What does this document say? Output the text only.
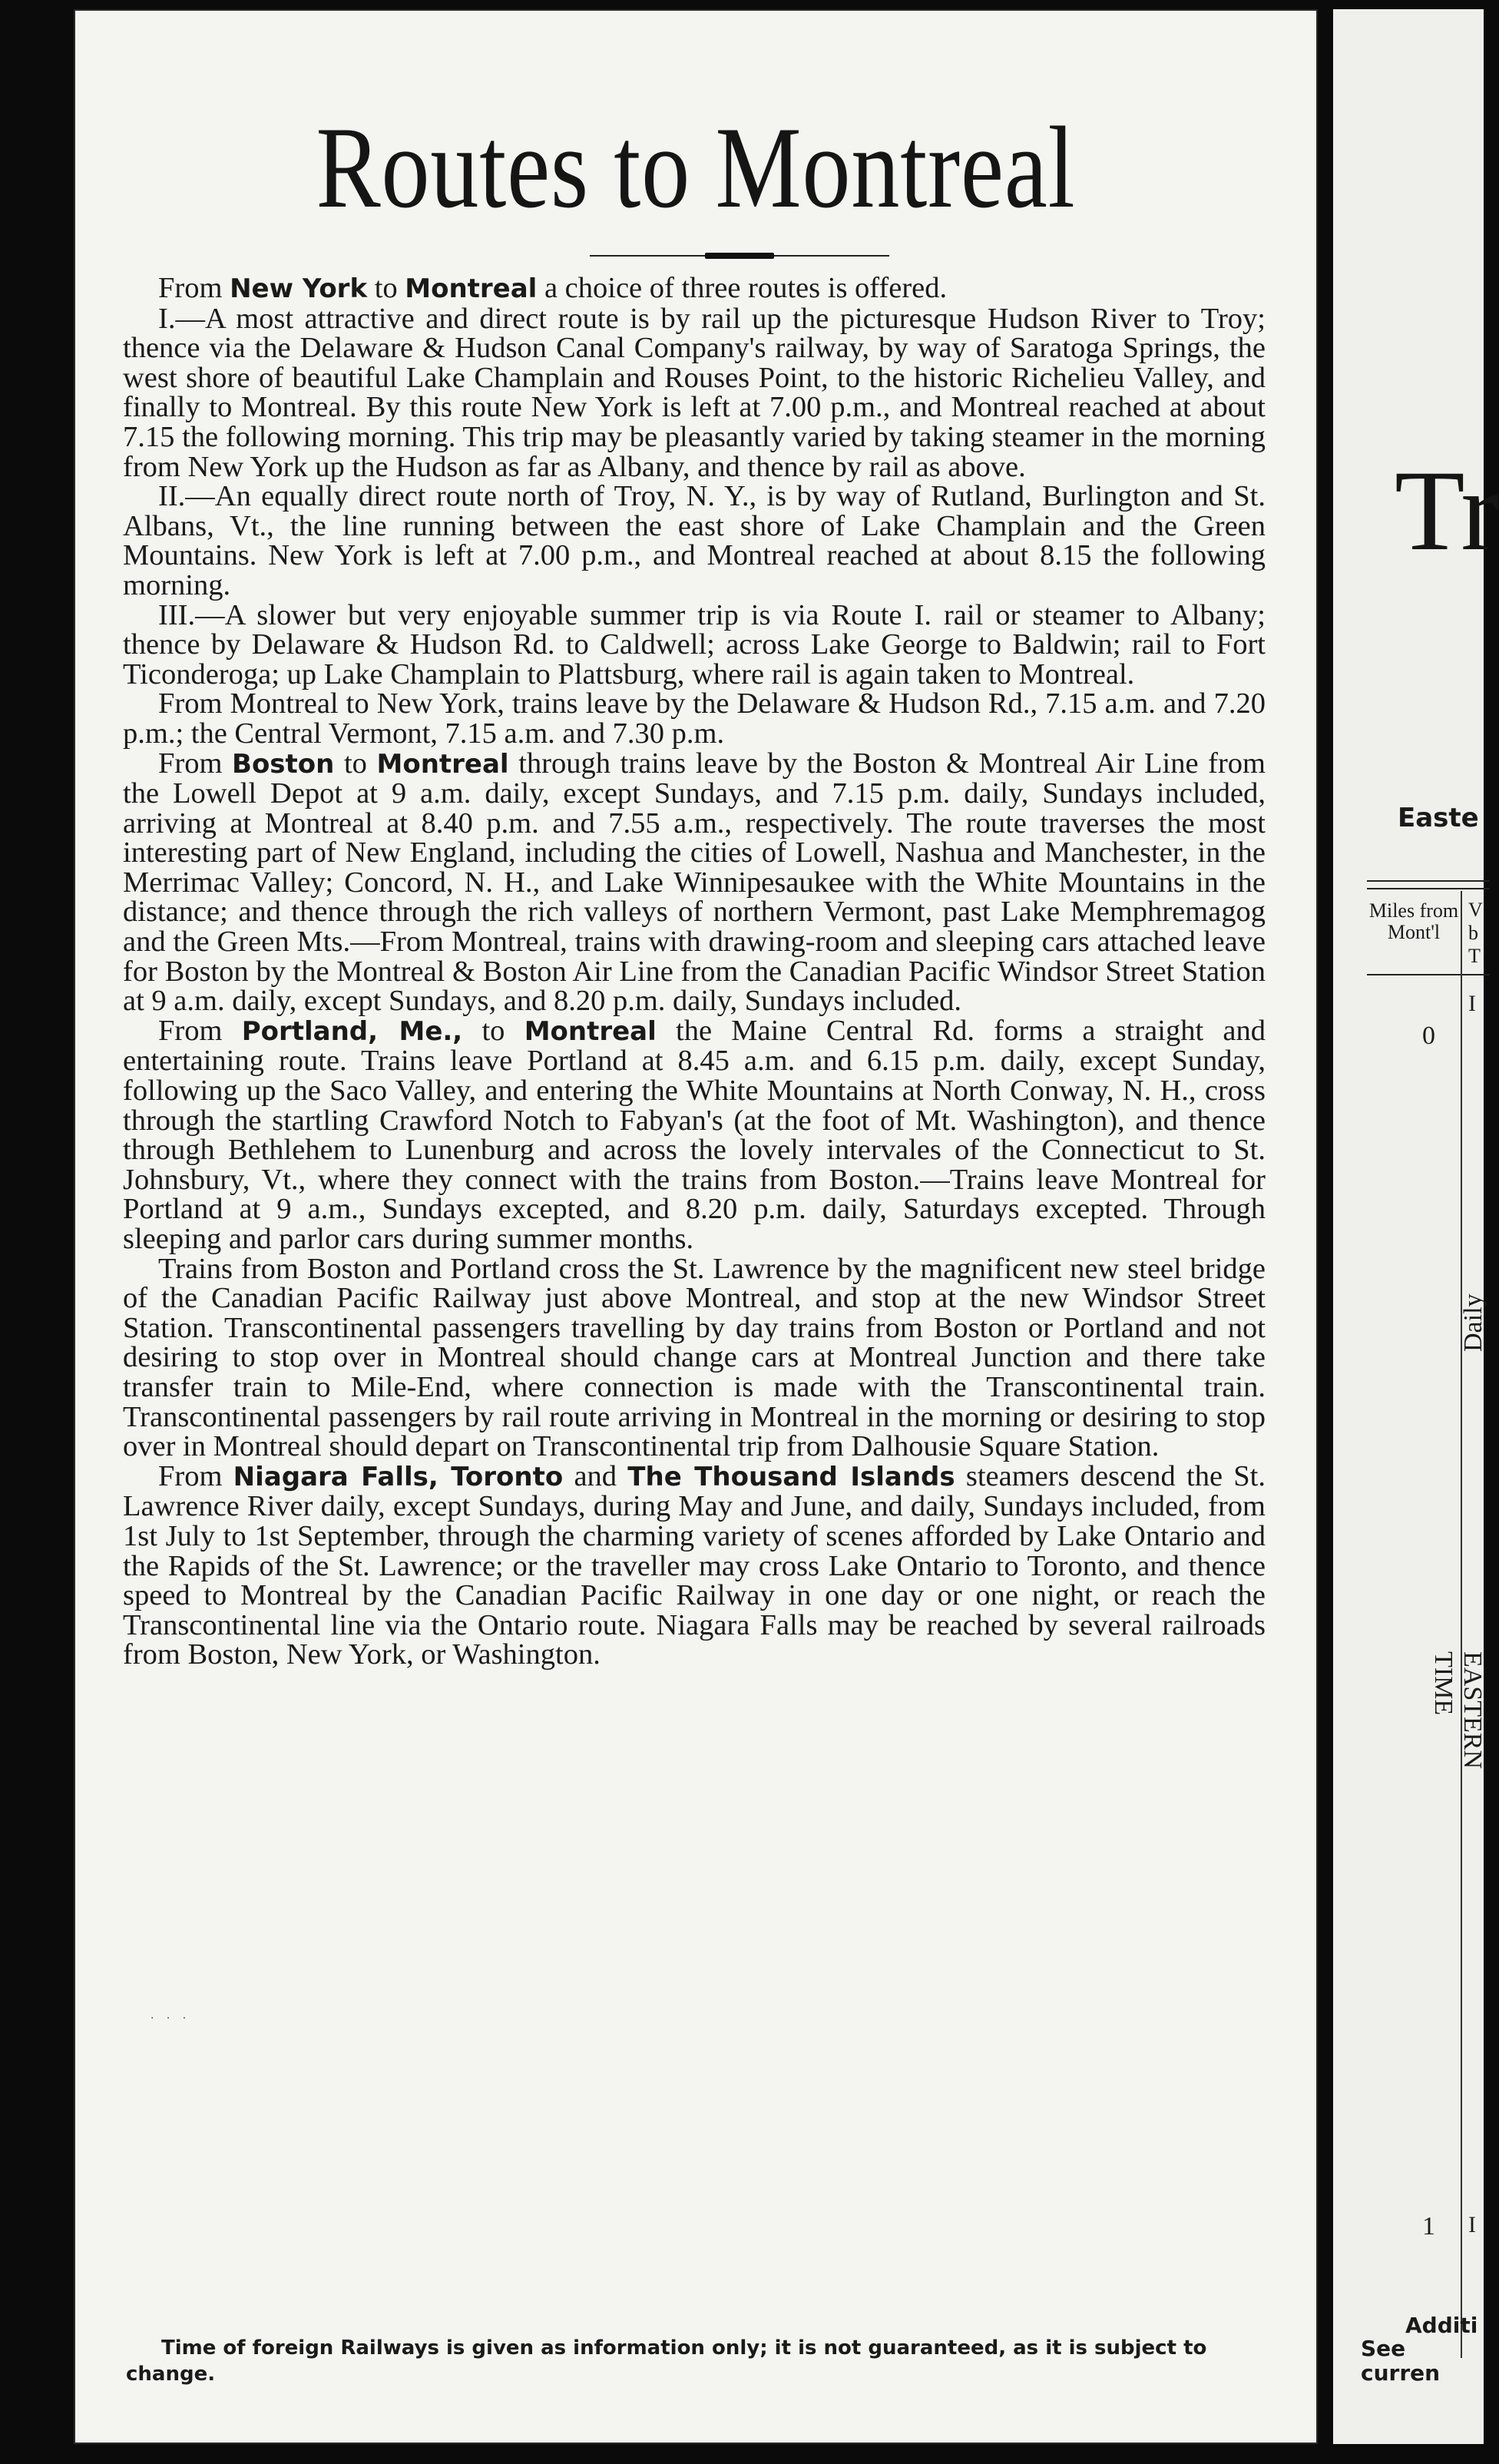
Routes to Montreal

From New York to Montreal a choice of three routes is offered.

I.—A most attractive and direct route is by rail up the picturesque Hudson River to Troy; thence via the Delaware & Hudson Canal Company's railway, by way of Saratoga Springs, the west shore of beautiful Lake Champlain and Rouses Point, to the historic Richelieu Valley, and finally to Montreal. By this route New York is left at 7.00 p.m., and Montreal reached at about 7.15 the following morning. This trip may be pleasantly varied by taking steamer in the morning from New York up the Hudson as far as Albany, and thence by rail as above.

II.—An equally direct route north of Troy, N. Y., is by way of Rutland, Burlington and St. Albans, Vt., the line running between the east shore of Lake Champlain and the Green Mountains. New York is left at 7.00 p.m., and Montreal reached at about 8.15 the following morning.

III.—A slower but very enjoyable summer trip is via Route I. rail or steamer to Albany; thence by Delaware & Hudson Rd. to Caldwell; across Lake George to Baldwin; rail to Fort Ticonderoga; up Lake Champlain to Plattsburg, where rail is again taken to Montreal.

From Montreal to New York, trains leave by the Delaware & Hudson Rd., 7.15 a.m. and 7.20 p.m.; the Central Vermont, 7.15 a.m. and 7.30 p.m.

From Boston to Montreal through trains leave by the Boston & Montreal Air Line from the Lowell Depot at 9 a.m. daily, except Sundays, and 7.15 p.m. daily, Sundays included, arriving at Montreal at 8.40 p.m. and 7.55 a.m., respectively. The route traverses the most interesting part of New England, including the cities of Lowell, Nashua and Manchester, in the Merrimac Valley; Concord, N. H., and Lake Winnipesaukee with the White Mountains in the distance; and thence through the rich valleys of northern Vermont, past Lake Memphremagog and the Green Mts.—From Montreal, trains with drawing-room and sleeping cars attached leave for Boston by the Montreal & Boston Air Line from the Canadian Pacific Windsor Street Station at 9 a.m. daily, except Sundays, and 8.20 p.m. daily, Sundays included.

From Portland, Me., to Montreal the Maine Central Rd. forms a straight and entertaining route. Trains leave Portland at 8.45 a.m. and 6.15 p.m. daily, except Sunday, following up the Saco Valley, and entering the White Mountains at North Conway, N. H., cross through the startling Crawford Notch to Fabyan's (at the foot of Mt. Washington), and thence through Bethlehem to Lunenburg and across the lovely intervales of the Connecticut to St. Johnsbury, Vt., where they connect with the trains from Boston.—Trains leave Montreal for Portland at 9 a.m., Sundays excepted, and 8.20 p.m. daily, Saturdays excepted. Through sleeping and parlor cars during summer months.

Trains from Boston and Portland cross the St. Lawrence by the magnificent new steel bridge of the Canadian Pacific Railway just above Montreal, and stop at the new Windsor Street Station. Transcontinental passengers travelling by day trains from Boston or Portland and not desiring to stop over in Montreal should change cars at Montreal Junction and there take transfer train to Mile-End, where connection is made with the Transcontinental train. Transcontinental passengers by rail route arriving in Montreal in the morning or desiring to stop over in Montreal should depart on Transcontinental trip from Dalhousie Square Station.

From Niagara Falls, Toronto and The Thousand Islands steamers descend the St. Lawrence River daily, except Sundays, during May and June, and daily, Sundays included, from 1st July to 1st September, through the charming variety of scenes afforded by Lake Ontario and the Rapids of the St. Lawrence; or the traveller may cross Lake Ontario to Toronto, and thence speed to Montreal by the Canadian Pacific Railway in one day or one night, or reach the Transcontinental line via the Ontario route. Niagara Falls may be reached by several railroads from Boston, New York, or Washington.

. . .
Time of foreign Railways is given as information only; it is not guaranteed, as it is subject to change.
Tr
Easte
Miles from Mont'l
V b T
0
I
I
1
Daily
EASTERN TIME
Additi
See curren
